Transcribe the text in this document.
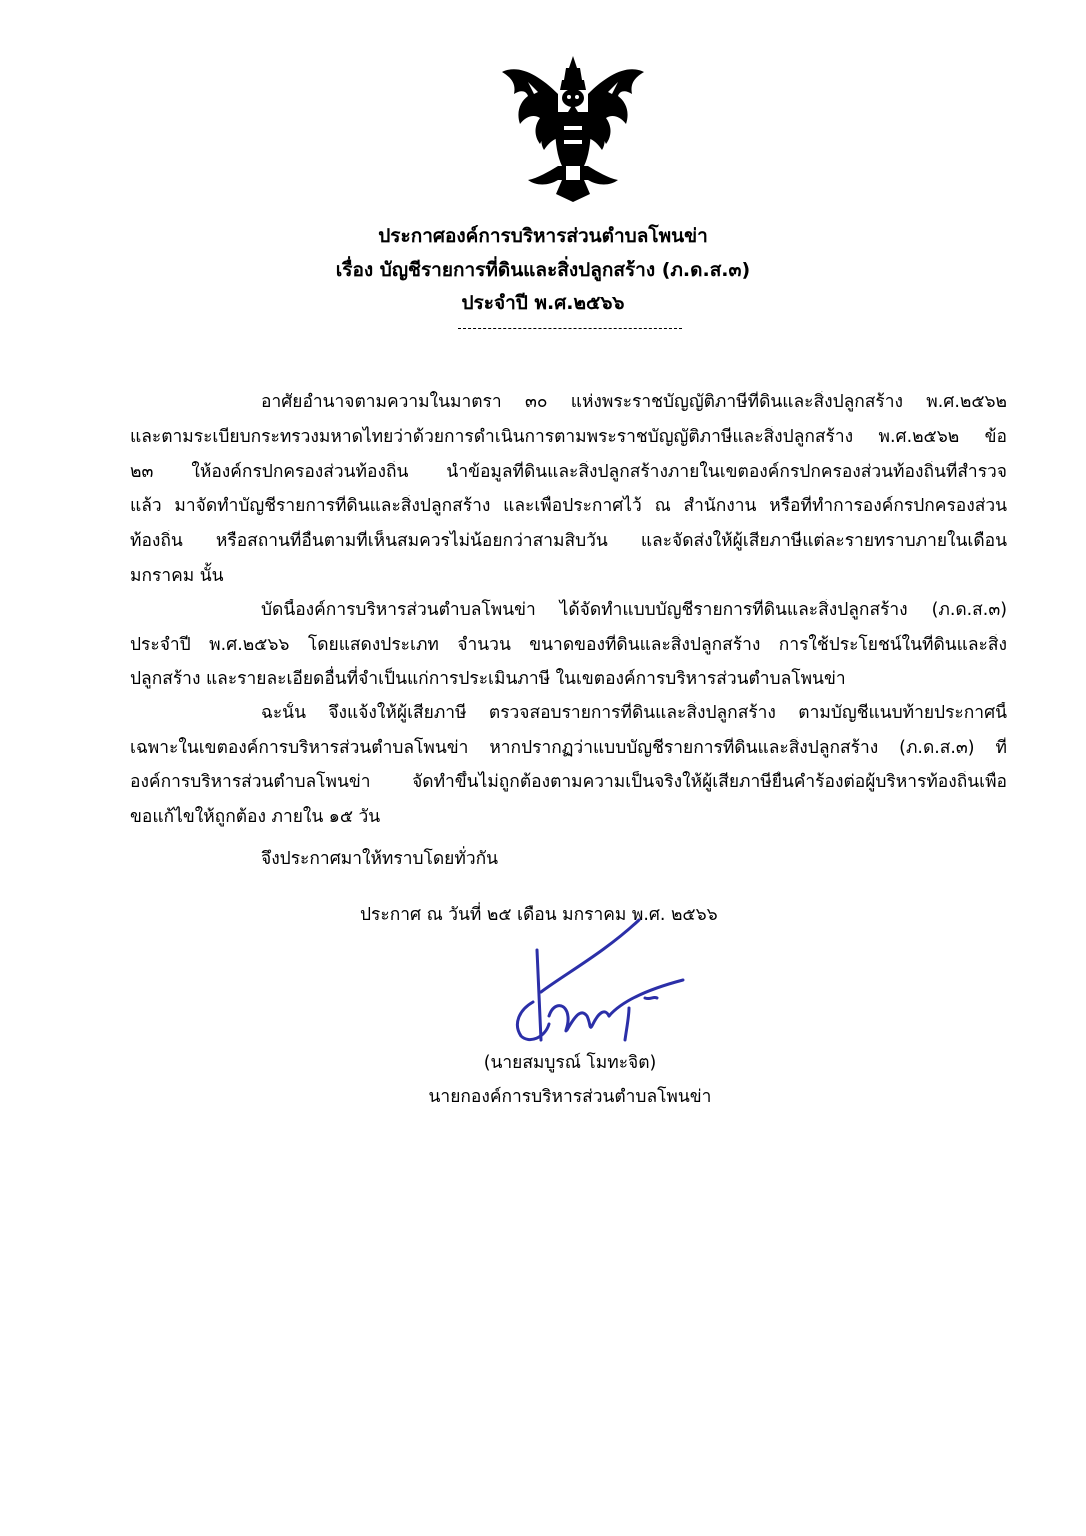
ประกาศองค์การบริหารส่วนตำบลโพนข่า
เรื่อง บัญชีรายการที่ดินและสิ่งปลูกสร้าง (ภ.ด.ส.๓)
ประจำปี พ.ศ.๒๕๖๖
อาศัยอำนาจตามความในมาตรา ๓๐ แห่งพระราชบัญญัติภาษีที่ดินและสิ่งปลูกสร้าง พ.ศ.๒๕๖๒
และตามระเบียบกระทรวงมหาดไทยว่าด้วยการดำเนินการตามพระราชบัญญัติภาษีและสิ่งปลูกสร้าง พ.ศ.๒๕๖๒ ข้อ
๒๓ ให้องค์กรปกครองส่วนท้องถิ่น นำข้อมูลที่ดินและสิ่งปลูกสร้างภายในเขตองค์กรปกครองส่วนท้องถิ่นที่สำรวจ
แล้ว มาจัดทำบัญชีรายการที่ดินและสิ่งปลูกสร้าง และเพื่อประกาศไว้ ณ สำนักงาน หรือที่ทำการองค์กรปกครองส่วน
ท้องถิ่น หรือสถานที่อื่นตามที่เห็นสมควรไม่น้อยกว่าสามสิบวัน และจัดส่งให้ผู้เสียภาษีแต่ละรายทราบภายในเดือน
มกราคม นั้น
บัดนี้องค์การบริหารส่วนตำบลโพนข่า ได้จัดทำแบบบัญชีรายการที่ดินและสิ่งปลูกสร้าง (ภ.ด.ส.๓)
ประจำปี พ.ศ.๒๕๖๖ โดยแสดงประเภท จำนวน ขนาดของที่ดินและสิ่งปลูกสร้าง การใช้ประโยชน์ในที่ดินและสิ่ง
ปลูกสร้าง และรายละเอียดอื่นที่จำเป็นแก่การประเมินภาษี ในเขตองค์การบริหารส่วนตำบลโพนข่า
ฉะนั้น จึงแจ้งให้ผู้เสียภาษี ตรวจสอบรายการที่ดินและสิ่งปลูกสร้าง ตามบัญชีแนบท้ายประกาศนี้
เฉพาะในเขตองค์การบริหารส่วนตำบลโพนข่า หากปรากฏว่าแบบบัญชีรายการที่ดินและสิ่งปลูกสร้าง (ภ.ด.ส.๓) ที่
องค์การบริหารส่วนตำบลโพนข่า จัดทำขึ้นไม่ถูกต้องตามความเป็นจริงให้ผู้เสียภาษียื่นคำร้องต่อผู้บริหารท้องถิ่นเพื่อ
ขอแก้ไขให้ถูกต้อง ภายใน ๑๕ วัน
จึงประกาศมาให้ทราบโดยทั่วกัน
ประกาศ ณ วันที่ ๒๕ เดือน มกราคม พ.ศ. ๒๕๖๖
(นายสมบูรณ์ โมทะจิต)
นายกองค์การบริหารส่วนตำบลโพนข่า
